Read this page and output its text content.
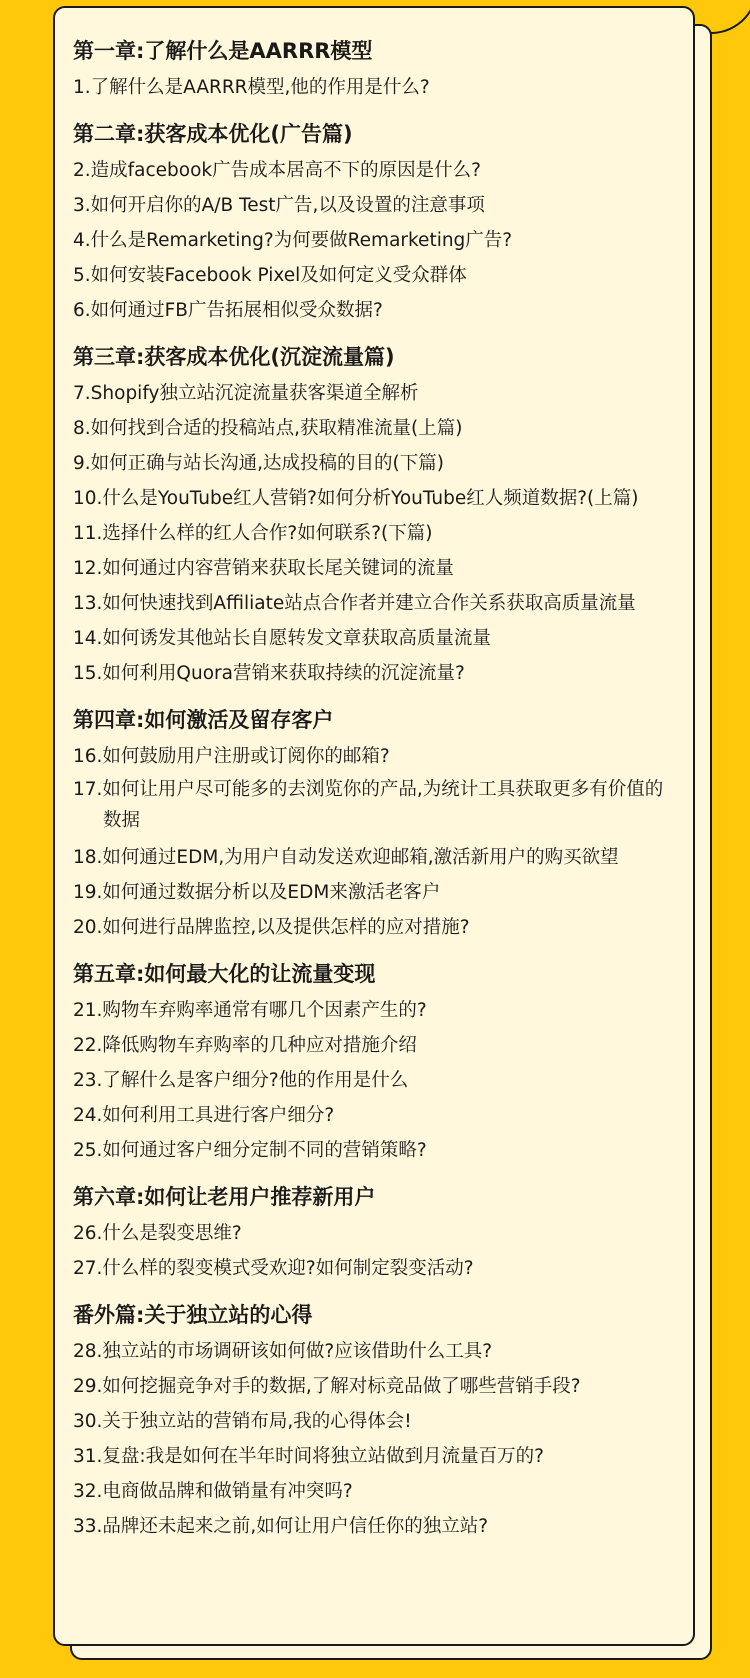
第一章:了解什么是AARRR模型
1.了解什么是AARRR模型,他的作用是什么?
第二章:获客成本优化(广告篇)
2.造成facebook广告成本居高不下的原因是什么?
3.如何开启你的A/B Test广告,以及设置的注意事项
4.什么是Remarketing?为何要做Remarketing广告?
5.如何安装Facebook Pixel及如何定义受众群体
6.如何通过FB广告拓展相似受众数据?
第三章:获客成本优化(沉淀流量篇)
7.Shopify独立站沉淀流量获客渠道全解析
8.如何找到合适的投稿站点,获取精准流量(上篇)
9.如何正确与站长沟通,达成投稿的目的(下篇)
10.什么是YouTube红人营销?如何分析YouTube红人频道数据?(上篇)
11.选择什么样的红人合作?如何联系?(下篇)
12.如何通过内容营销来获取长尾关键词的流量
13.如何快速找到Affiliate站点合作者并建立合作关系获取高质量流量
14.如何诱发其他站长自愿转发文章获取高质量流量
15.如何利用Quora营销来获取持续的沉淀流量?
第四章:如何激活及留存客户
16.如何鼓励用户注册或订阅你的邮箱?
17.如何让用户尽可能多的去浏览你的产品,为统计工具获取更多有价值的数据
18.如何通过EDM,为用户自动发送欢迎邮箱,激活新用户的购买欲望
19.如何通过数据分析以及EDM来激活老客户
20.如何进行品牌监控,以及提供怎样的应对措施?
第五章:如何最大化的让流量变现
21.购物车弃购率通常有哪几个因素产生的?
22.降低购物车弃购率的几种应对措施介绍
23.了解什么是客户细分?他的作用是什么
24.如何利用工具进行客户细分?
25.如何通过客户细分定制不同的营销策略?
第六章:如何让老用户推荐新用户
26.什么是裂变思维?
27.什么样的裂变模式受欢迎?如何制定裂变活动?
番外篇:关于独立站的心得
28.独立站的市场调研该如何做?应该借助什么工具?
29.如何挖掘竞争对手的数据,了解对标竞品做了哪些营销手段?
30.关于独立站的营销布局,我的心得体会!
31.复盘:我是如何在半年时间将独立站做到月流量百万的?
32.电商做品牌和做销量有冲突吗?
33.品牌还未起来之前,如何让用户信任你的独立站?
